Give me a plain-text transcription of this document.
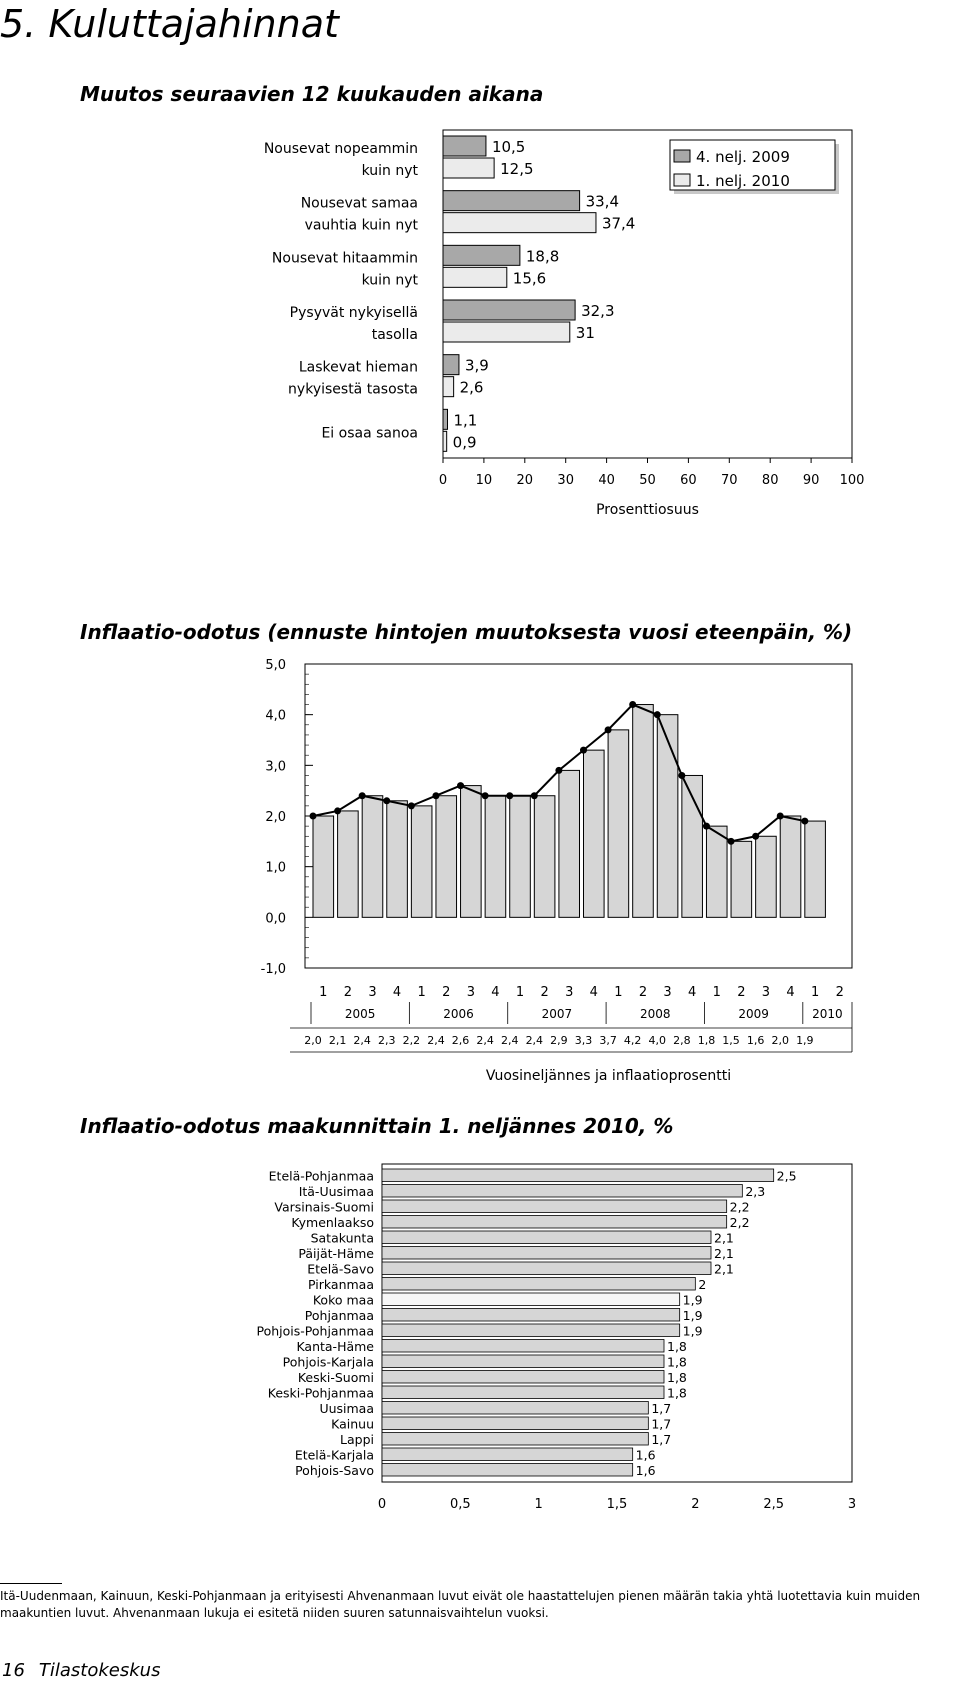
5. Kuluttajahinnat
Muutos seuraavien 12 kuukauden aikana
Nousevat nopeammin
kuin nyt
10,5
12,5
Nousevat samaa
vauhtia kuin nyt
33,4
37,4
Nousevat hitaammin
kuin nyt
18,8
15,6
Pysyvät nykyisellä
tasolla
32,3
31
Laskevat hieman
nykyisestä tasosta
3,9
2,6
Ei osaa sanoa
1,1
0,9
0 10 20 30 40 50 60 70 80 90 100
Prosenttiosuus
4. nelj. 2009
1. nelj. 2010
Inflaatio-odotus (ennuste hintojen muutoksesta vuosi eteenpäin, %)
5,0
4,0
3,0
2,0
1,0
0,0
-1,0
1 2 3 4 1 2 3 4 1 2 3 4 1 2 3 4 1 2 3 4 1 2
2005	2006	2007	2008	2009	2010
2,0 2,1 2,4 2,3 2,2 2,4 2,6 2,4 2,4 2,4 2,9 3,3 3,7 4,2 4,0 2,8 1,8 1,5 1,6 2,0 1,9
Vuosineljännes ja inflaatioprosentti
Inflaatio-odotus maakunnittain 1. neljännes 2010, %
Etelä-Pohjanmaa	2,5
Itä-Uusimaa	2,3
Varsinais-Suomi	2,2
Kymenlaakso	2,2
Satakunta	2,1
Päijät-Häme	2,1
Etelä-Savo	2,1
Pirkanmaa	2
Koko maa	1,9
Pohjanmaa	1,9
Pohjois-Pohjanmaa	1,9
Kanta-Häme	1,8
Pohjois-Karjala	1,8
Keski-Suomi	1,8
Keski-Pohjanmaa	1,8
Uusimaa	1,7
Kainuu	1,7
Lappi	1,7
Etelä-Karjala	1,6
Pohjois-Savo	1,6
0	0,5	1	1,5	2	2,5	3

Itä-Uudenmaan, Kainuun, Keski-Pohjanmaan ja erityisesti Ahvenanmaan luvut eivät ole haastattelujen pienen määrän takia yhtä luotettavia kuin muiden maakuntien luvut. Ahvenanmaan lukuja ei esitetä niiden suuren satunnaisvaihtelun vuoksi.

16 Tilastokeskus
